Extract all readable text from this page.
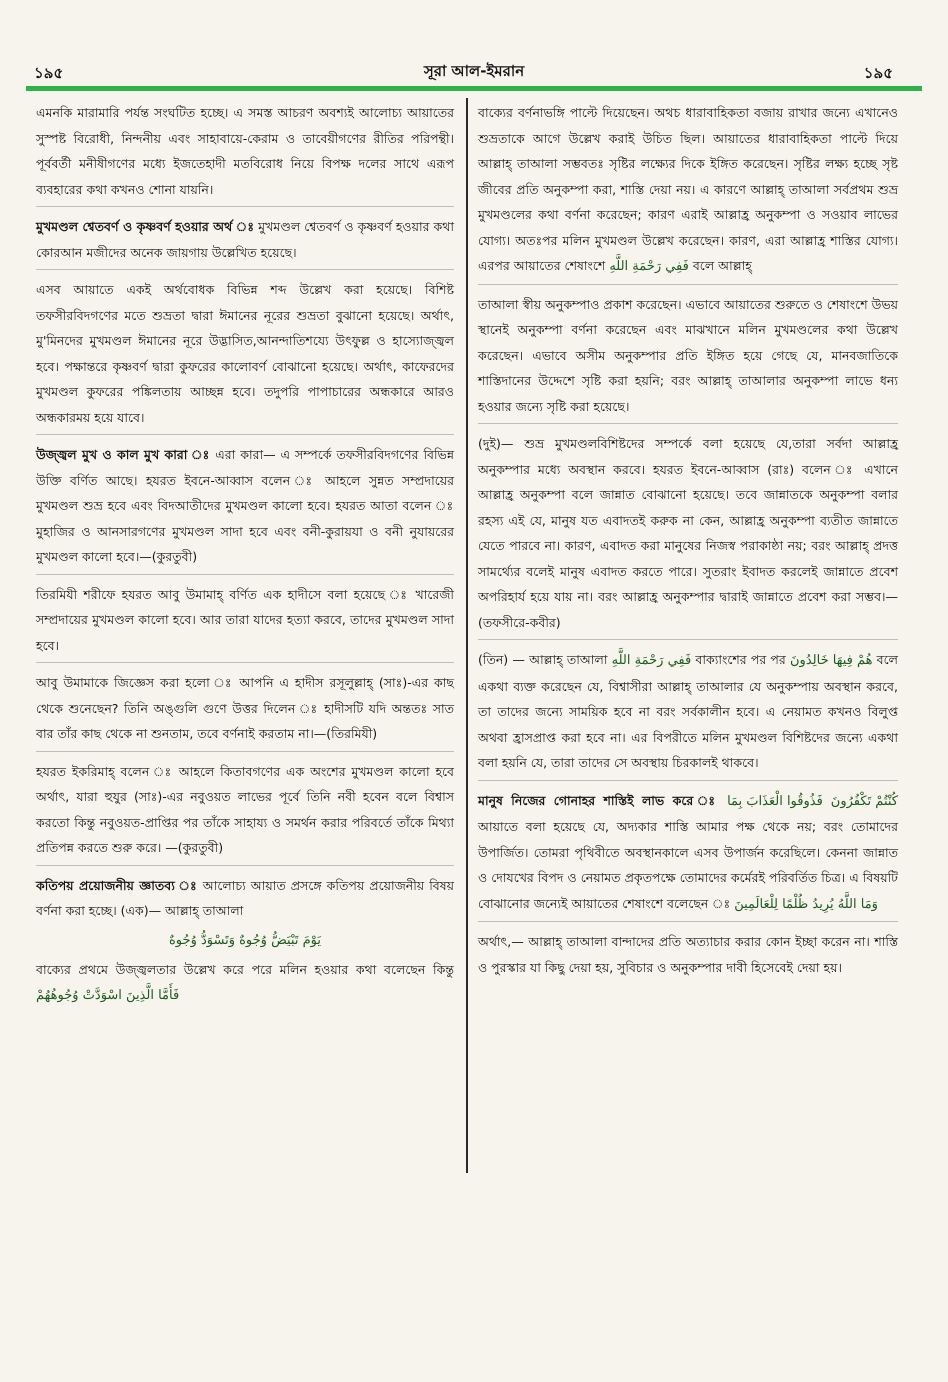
১৯৫	সূরা আল-ইমরান	১৯৫

এমনকি মারামারি পর্যন্ত সংঘটিত হচ্ছে। এ সমস্ত আচরণ অবশ্যই আলোচ্য আয়াতের সুস্পষ্ট বিরোধী, নিন্দনীয় এবং সাহাবায়ে-কেরাম ও তাবেয়ীগণের রীতির পরিপন্থী। পূর্ববর্তী মনীষীগণের মধ্যে ইজতেহাদী মতবিরোধ নিয়ে বিপক্ষ দলের সাথে এরূপ ব্যবহারের কথা কখনও শোনা যায়নি।

মুখমণ্ডল শ্বেতবর্ণ ও কৃষ্ণবর্ণ হওয়ার অর্থ ঃ মুখমণ্ডল শ্বেতবর্ণ ও কৃষ্ণবর্ণ হওয়ার কথা কোরআন মজীদের অনেক জায়গায় উল্লেখিত হয়েছে।

এসব আয়াতে একই অর্থবোধক বিভিন্ন শব্দ উল্লেখ করা হয়েছে। বিশিষ্ট তফসীরবিদগণের মতে শুভ্রতা দ্বারা ঈমানের নূরের শুভ্রতা বুঝানো হয়েছে। অর্থাৎ, মু'মিনদের মুখমণ্ডল ঈমানের নূরে উদ্ভাসিত,আনন্দাতিশয্যে উৎফুল্ল ও হাস্যোজ্জ্বল হবে। পক্ষান্তরে কৃষ্ণবর্ণ দ্বারা কুফরের কালোবর্ণ বোঝানো হয়েছে। অর্থাৎ, কাফেরদের মুখমণ্ডল কুফরের পঙ্কিলতায় আচ্ছন্ন হবে। তদুপরি পাপাচারের অন্ধকারে আরও অন্ধকারময় হয়ে যাবে।

উজ্জ্বল মুখ ও কাল মুখ কারা ঃ এরা কারা— এ সম্পর্কে তফসীরবিদগণের বিভিন্ন উক্তি বর্ণিত আছে। হযরত ইবনে-আব্বাস বলেন ঃ আহলে সুন্নত সম্প্রদায়ের মুখমণ্ডল শুভ্র হবে এবং বিদআতীদের মুখমণ্ডল কালো হবে। হযরত আতা বলেন ঃ মুহাজির ও আনসারগণের মুখমণ্ডল সাদা হবে এবং বনী-কুরায়যা ও বনী নুযায়রের মুখমণ্ডল কালো হবে।—(কুরতুবী)

তিরমিযী শরীফে হযরত আবু উমামাহ্ বর্ণিত এক হাদীসে বলা হয়েছে ঃ খারেজী সম্প্রদায়ের মুখমণ্ডল কালো হবে। আর তারা যাদের হত্যা করবে, তাদের মুখমণ্ডল সাদা হবে।

আবু উমামাকে জিজ্ঞেস করা হলো ঃ আপনি এ হাদীস রসূলুল্লাহ্ (সাঃ)-এর কাছ থেকে শুনেছেন? তিনি অঙ্গুলি গুণে উত্তর দিলেন ঃ হাদীসটি যদি অন্ততঃ সাত বার তাঁর কাছ থেকে না শুনতাম, তবে বর্ণনাই করতাম না।—(তিরমিযী)

হযরত ইকরিমাহ্ বলেন ঃ আহলে কিতাবগণের এক অংশের মুখমণ্ডল কালো হবে অর্থাৎ, যারা হুযুর (সাঃ)-এর নবুওয়ত লাভের পূর্বে তিনি নবী হবেন বলে বিশ্বাস করতো কিন্তু নবুওয়ত-প্রাপ্তির পর তাঁকে সাহায্য ও সমর্থন করার পরিবর্তে তাঁকে মিথ্যা প্রতিপন্ন করতে শুরু করে। —(কুরতুবী)

কতিপয় প্রয়োজনীয় জ্ঞাতব্য ঃ আলোচ্য আয়াত প্রসঙ্গে কতিপয় প্রয়োজনীয় বিষয় বর্ণনা করা হচ্ছে। (এক)— আল্লাহ্ তাআলা

يَوْمَ تَبْيَضُّ وُجُوهٌ وَتَسْوَدُّ وُجُوهٌ

বাক্যের প্রথমে উজ্জ্বলতার উল্লেখ করে পরে মলিন হওয়ার কথা বলেছেন কিন্তু فَأَمَّا الَّذِينَ اسْوَدَّتْ وُجُوهُهُمْ

বাক্যের বর্ণনাভঙ্গি পাল্টে দিয়েছেন। অথচ ধারাবাহিকতা বজায় রাখার জন্যে এখানেও শুভ্রতাকে আগে উল্লেখ করাই উচিত ছিল। আয়াতের ধারাবাহিকতা পাল্টে দিয়ে আল্লাহ্ তাআলা সম্ভবতঃ সৃষ্টির লক্ষ্যের দিকে ইঙ্গিত করেছেন। সৃষ্টির লক্ষ্য হচ্ছে সৃষ্ট জীবের প্রতি অনুকম্পা করা, শাস্তি দেয়া নয়। এ কারণে আল্লাহ্ তাআলা সর্বপ্রথম শুভ্র মুখমণ্ডলের কথা বর্ণনা করেছেন; কারণ এরাই আল্লাহ্র অনুকম্পা ও সওয়াব লাভের যোগ্য। অতঃপর মলিন মুখমণ্ডল উল্লেখ করেছেন। কারণ, এরা আল্লাহ্র শাস্তির যোগ্য। এরপর আয়াতের শেষাংশে فَفِي رَحْمَةِ اللَّهِ বলে আল্লাহ্

তাআলা স্বীয় অনুকম্পাও প্রকাশ করেছেন। এভাবে আয়াতের শুরুতে ও শেষাংশে উভয় স্থানেই অনুকম্পা বর্ণনা করেছেন এবং মাঝখানে মলিন মুখমণ্ডলের কথা উল্লেখ করেছেন। এভাবে অসীম অনুকম্পার প্রতি ইঙ্গিত হয়ে গেছে যে, মানবজাতিকে শাস্তিদানের উদ্দেশে সৃষ্টি করা হয়নি; বরং আল্লাহ্ তাআলার অনুকম্পা লাভে ধন্য হওয়ার জন্যে সৃষ্টি করা হয়েছে।

(দুই)— শুভ্র মুখমণ্ডলবিশিষ্টদের সম্পর্কে বলা হয়েছে যে,তারা সর্বদা আল্লাহ্র অনুকম্পার মধ্যে অবস্থান করবে। হযরত ইবনে-আব্বাস (রাঃ) বলেন ঃ এখানে আল্লাহ্র অনুকম্পা বলে জান্নাত বোঝানো হয়েছে। তবে জান্নাতকে অনুকম্পা বলার রহস্য এই যে, মানুষ যত এবাদতই করুক না কেন, আল্লাহ্র অনুকম্পা ব্যতীত জান্নাতে যেতে পারবে না। কারণ, এবাদত করা মানুষের নিজস্ব পরাকাষ্ঠা নয়; বরং আল্লাহ্ প্রদত্ত সামর্থ্যের বলেই মানুষ এবাদত করতে পারে। সুতরাং ইবাদত করলেই জান্নাতে প্রবেশ অপরিহার্য হয়ে যায় না। বরং আল্লাহ্র অনুকম্পার দ্বারাই জান্নাতে প্রবেশ করা সম্ভব।—(তফসীরে-কবীর)

(তিন) — আল্লাহ্ তাআলা فَفِي رَحْمَةِ اللَّهِ বাক্যাংশের পর পর هُمْ فِيهَا خَالِدُونَ বলে একথা ব্যক্ত করেছেন যে, বিশ্বাসীরা আল্লাহ্ তাআলার যে অনুকম্পায় অবস্থান করবে, তা তাদের জন্যে সাময়িক হবে না বরং সর্বকালীন হবে। এ নেয়ামত কখনও বিলুপ্ত অথবা হ্রাসপ্রাপ্ত করা হবে না। এর বিপরীতে মলিন মুখমণ্ডল বিশিষ্টদের জন্যে একথা বলা হয়নি যে, তারা তাদের সে অবস্থায় চিরকালই থাকবে।

মানুষ নিজের গোনাহর শাস্তিই লাভ করে ঃ فَذُوقُوا الْعَذَابَ بِمَا كُنْتُمْ تَكْفُرُونَ আয়াতে বলা হয়েছে যে, অদ্যকার শাস্তি আমার পক্ষ থেকে নয়; বরং তোমাদের উপার্জিত। তোমরা পৃথিবীতে অবস্থানকালে এসব উপার্জন করেছিলে। কেননা জান্নাত ও দোযখের বিপদ ও নেয়ামত প্রকৃতপক্ষে তোমাদের কর্মেরই পরিবর্তিত চিত্র। এ বিষয়টি বোঝানোর জন্যেই আয়াতের শেষাংশে বলেছেন ঃ وَمَا اللَّهُ يُرِيدُ ظُلْمًا لِلْعَالَمِينَ

অর্থাৎ,— আল্লাহ্ তাআলা বান্দাদের প্রতি অত্যাচার করার কোন ইচ্ছা করেন না। শাস্তি ও পুরস্কার যা কিছু দেয়া হয়, সুবিচার ও অনুকম্পার দাবী হিসেবেই দেয়া হয়।
